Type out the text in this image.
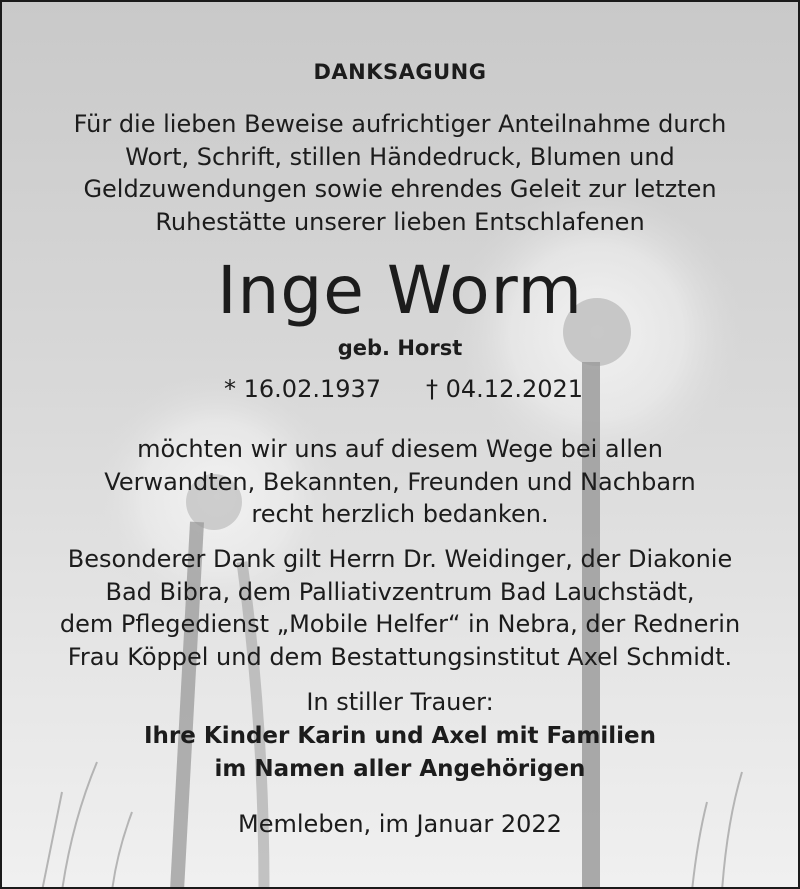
DANKSAGUNG

Für die lieben Beweise aufrichtiger Anteilnahme durch
Wort, Schrift, stillen Händedruck, Blumen und
Geldzuwendungen sowie ehrendes Geleit zur letzten
Ruhestätte unserer lieben Entschlafenen

Inge Worm
geb. Horst
* 16.02.1937 † 04.12.2021

möchten wir uns auf diesem Wege bei allen
Verwandten, Bekannten, Freunden und Nachbarn
recht herzlich bedanken.

Besonderer Dank gilt Herrn Dr. Weidinger, der Diakonie
Bad Bibra, dem Palliativzentrum Bad Lauchstädt,
dem Pflegedienst „Mobile Helfer“ in Nebra, der Rednerin
Frau Köppel und dem Bestattungsinstitut Axel Schmidt.

In stiller Trauer:
Ihre Kinder Karin und Axel mit Familien
im Namen aller Angehörigen
Memleben, im Januar 2022
